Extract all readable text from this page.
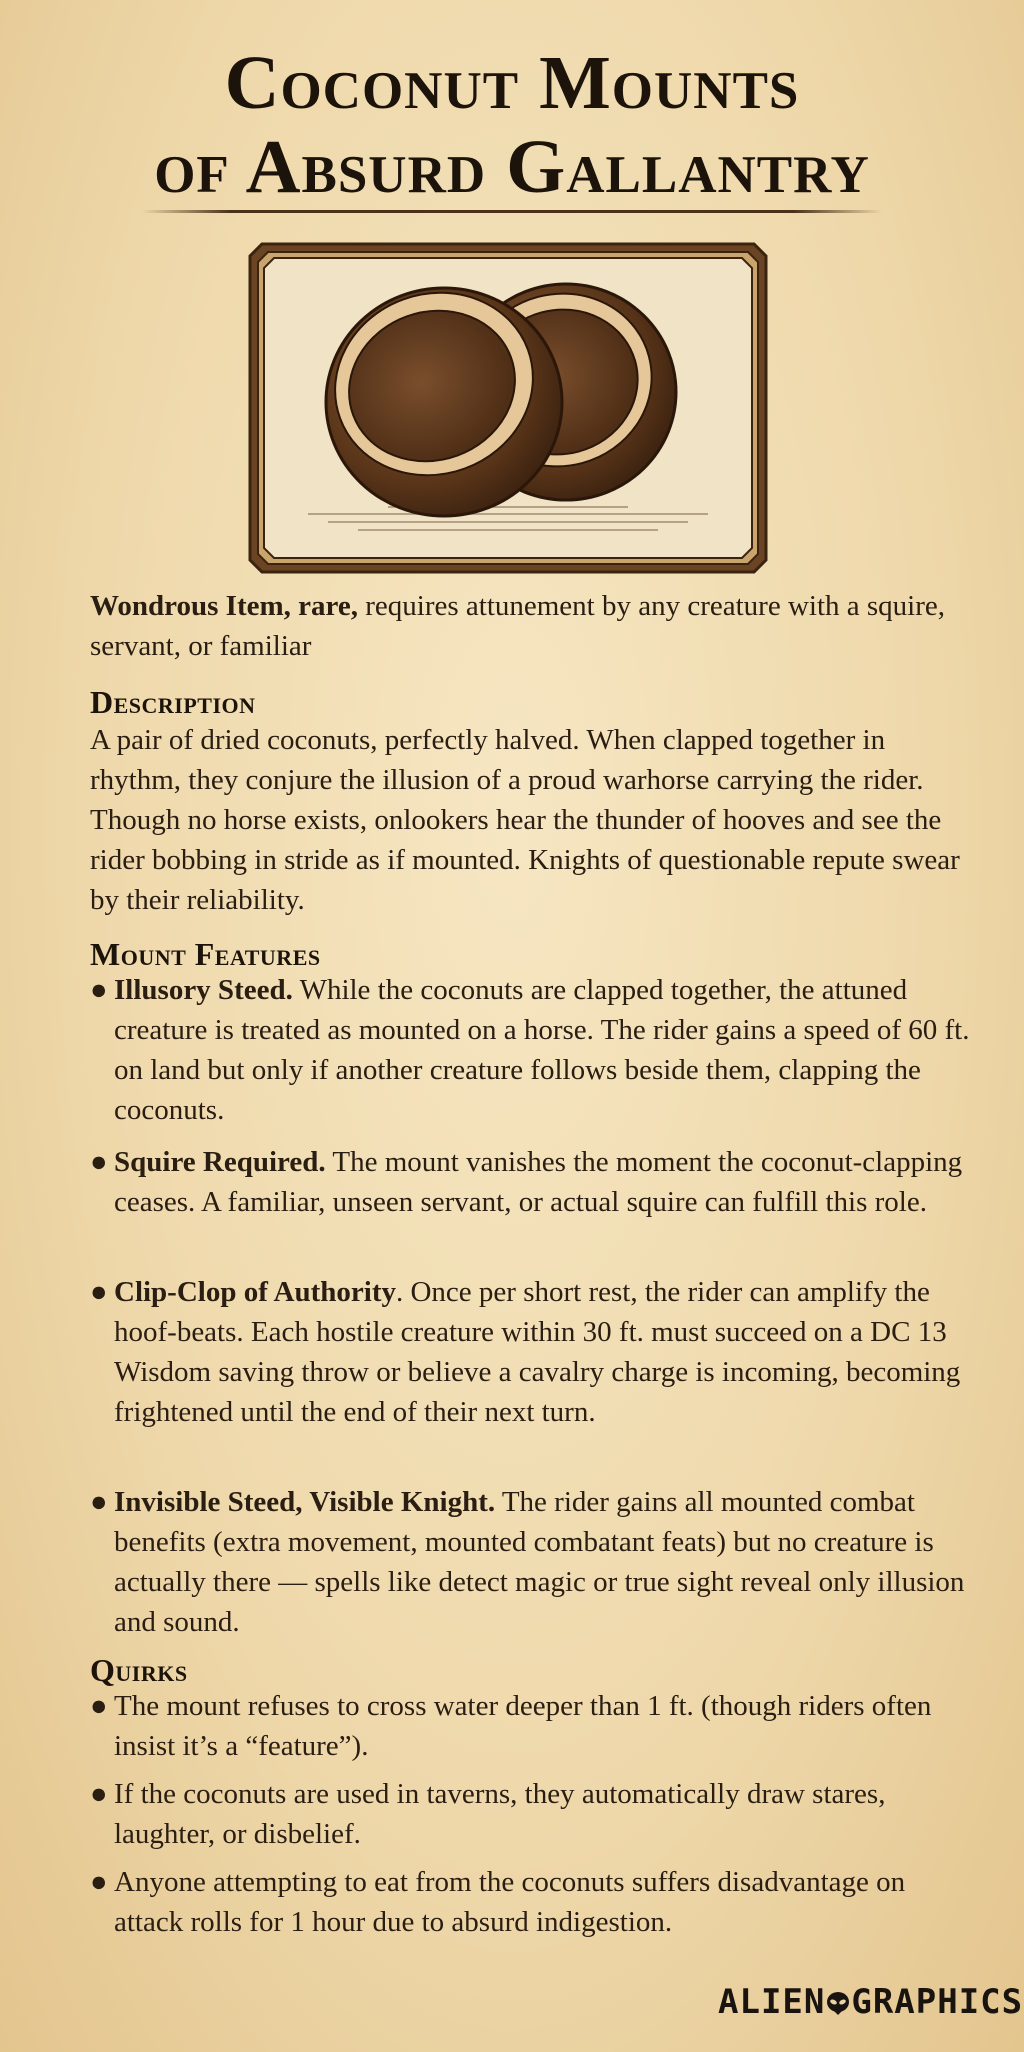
Coconut Mounts
of Absurd Gallantry
Wondrous Item, rare, requires attunement by any creature with a squire, servant, or familiar
Description
A pair of dried coconuts, perfectly halved. When clapped together in rhythm, they conjure the illusion of a proud warhorse carrying the rider. Though no horse exists, onlookers hear the thunder of hooves and see the rider bobbing in stride as if mounted. Knights of questionable repute swear by their reliability.
Mount Features
● Illusory Steed. While the coconuts are clapped together, the attuned creature is treated as mounted on a horse. The rider gains a speed of 60 ft. on land but only if another creature follows beside them, clapping the coconuts.
● Squire Required. The mount vanishes the moment the coconut-clapping ceases. A familiar, unseen servant, or actual squire can fulfill this role.
● Clip-Clop of Authority. Once per short rest, the rider can amplify the hoof-beats. Each hostile creature within 30 ft. must succeed on a DC 13 Wisdom saving throw or believe a cavalry charge is incoming, becoming frightened until the end of their next turn.
● Invisible Steed, Visible Knight. The rider gains all mounted combat benefits (extra movement, mounted combatant feats) but no creature is actually there — spells like detect magic or true sight reveal only illusion and sound.
Quirks
● The mount refuses to cross water deeper than 1 ft. (though riders often insist it’s a “feature”).
● If the coconuts are used in taverns, they automatically draw stares, laughter, or disbelief.
● Anyone attempting to eat from the coconuts suffers disadvantage on attack rolls for 1 hour due to absurd indigestion.
ALIEN GRAPHICS
